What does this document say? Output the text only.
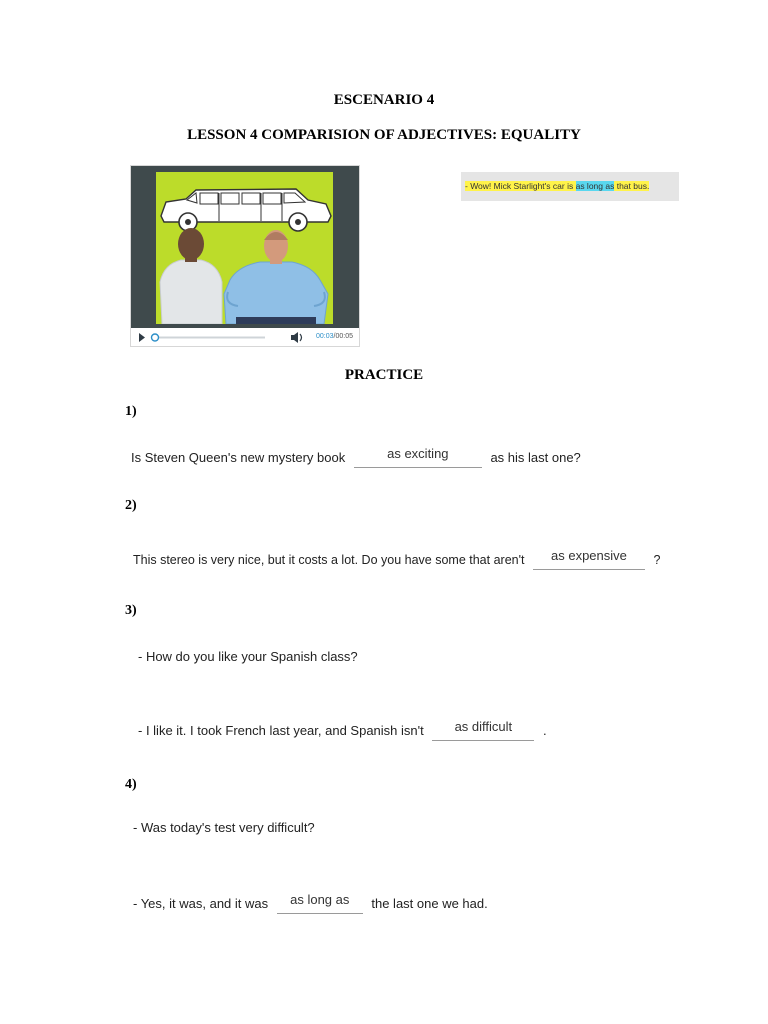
ESCENARIO 4
LESSON 4 COMPARISION OF ADJECTIVES: EQUALITY
00:03/00:05
- Wow! Mick Starlight's car is as long as that bus.
PRACTICE
1)
Is Steven Queen's new mystery book	as exciting	as his last one?
2)
This stereo is very nice, but it costs a lot. Do you have some that aren't as expensive ?
3)
- How do you like your Spanish class?
- I like it. I took French last year, and Spanish isn't as difficult .
4)
- Was today's test very difficult?
- Yes, it was, and it was as long as the last one we had.
